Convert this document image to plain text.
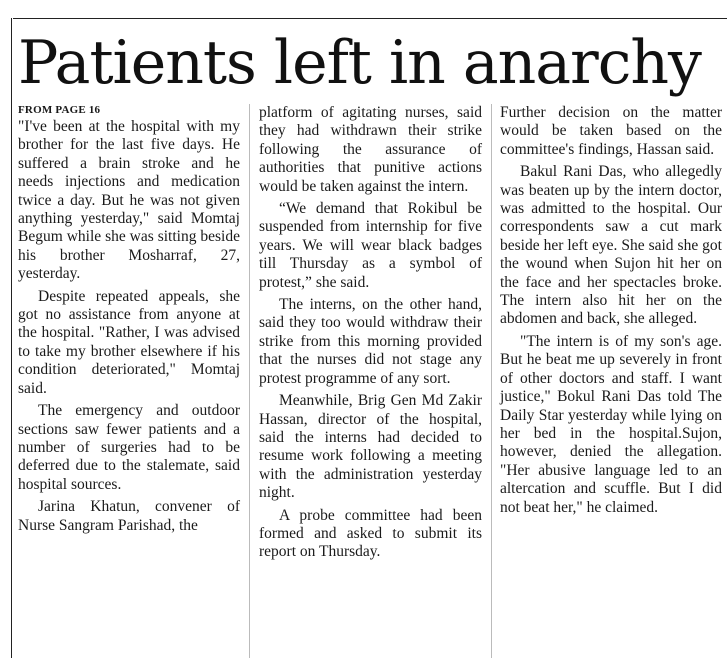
Patients left in anarchy
FROM PAGE 16

"I've been at the hospital with my brother for the last five days. He suffered a brain stroke and he needs injections and medication twice a day. But he was not given anything yesterday," said Momtaj Begum while she was sitting beside his brother Mosharraf, 27, yesterday.

Despite repeated appeals, she got no assistance from anyone at the hospital. "Rather, I was advised to take my brother elsewhere if his condition deteriorated," Momtaj said.

The emergency and outdoor sections saw fewer patients and a number of surgeries had to be deferred due to the stalemate, said hospital sources.

Jarina Khatun, convener of Nurse Sangram Parishad, the

platform of agitating nurses, said they had withdrawn their strike following the assurance of authorities that punitive actions would be taken against the intern.

“We demand that Rokibul be suspended from internship for five years. We will wear black badges till Thursday as a symbol of protest,” she said.

The interns, on the other hand, said they too would withdraw their strike from this morning provided that the nurses did not stage any protest programme of any sort.

Meanwhile, Brig Gen Md Zakir Hassan, director of the hospital, said the interns had decided to resume work following a meeting with the administration yesterday night.

A probe committee had been formed and asked to submit its report on Thursday.

Further decision on the matter would be taken based on the committee's findings, Hassan said.

Bakul Rani Das, who allegedly was beaten up by the intern doctor, was admitted to the hospital. Our correspondents saw a cut mark beside her left eye. She said she got the wound when Sujon hit her on the face and her spectacles broke. The intern also hit her on the abdomen and back, she alleged.

"The intern is of my son's age. But he beat me up severely in front of other doctors and staff. I want justice," Bokul Rani Das told The Daily Star yesterday while lying on her bed in the hospital.Sujon, however, denied the allegation. "Her abusive language led to an altercation and scuffle. But I did not beat her," he claimed.
